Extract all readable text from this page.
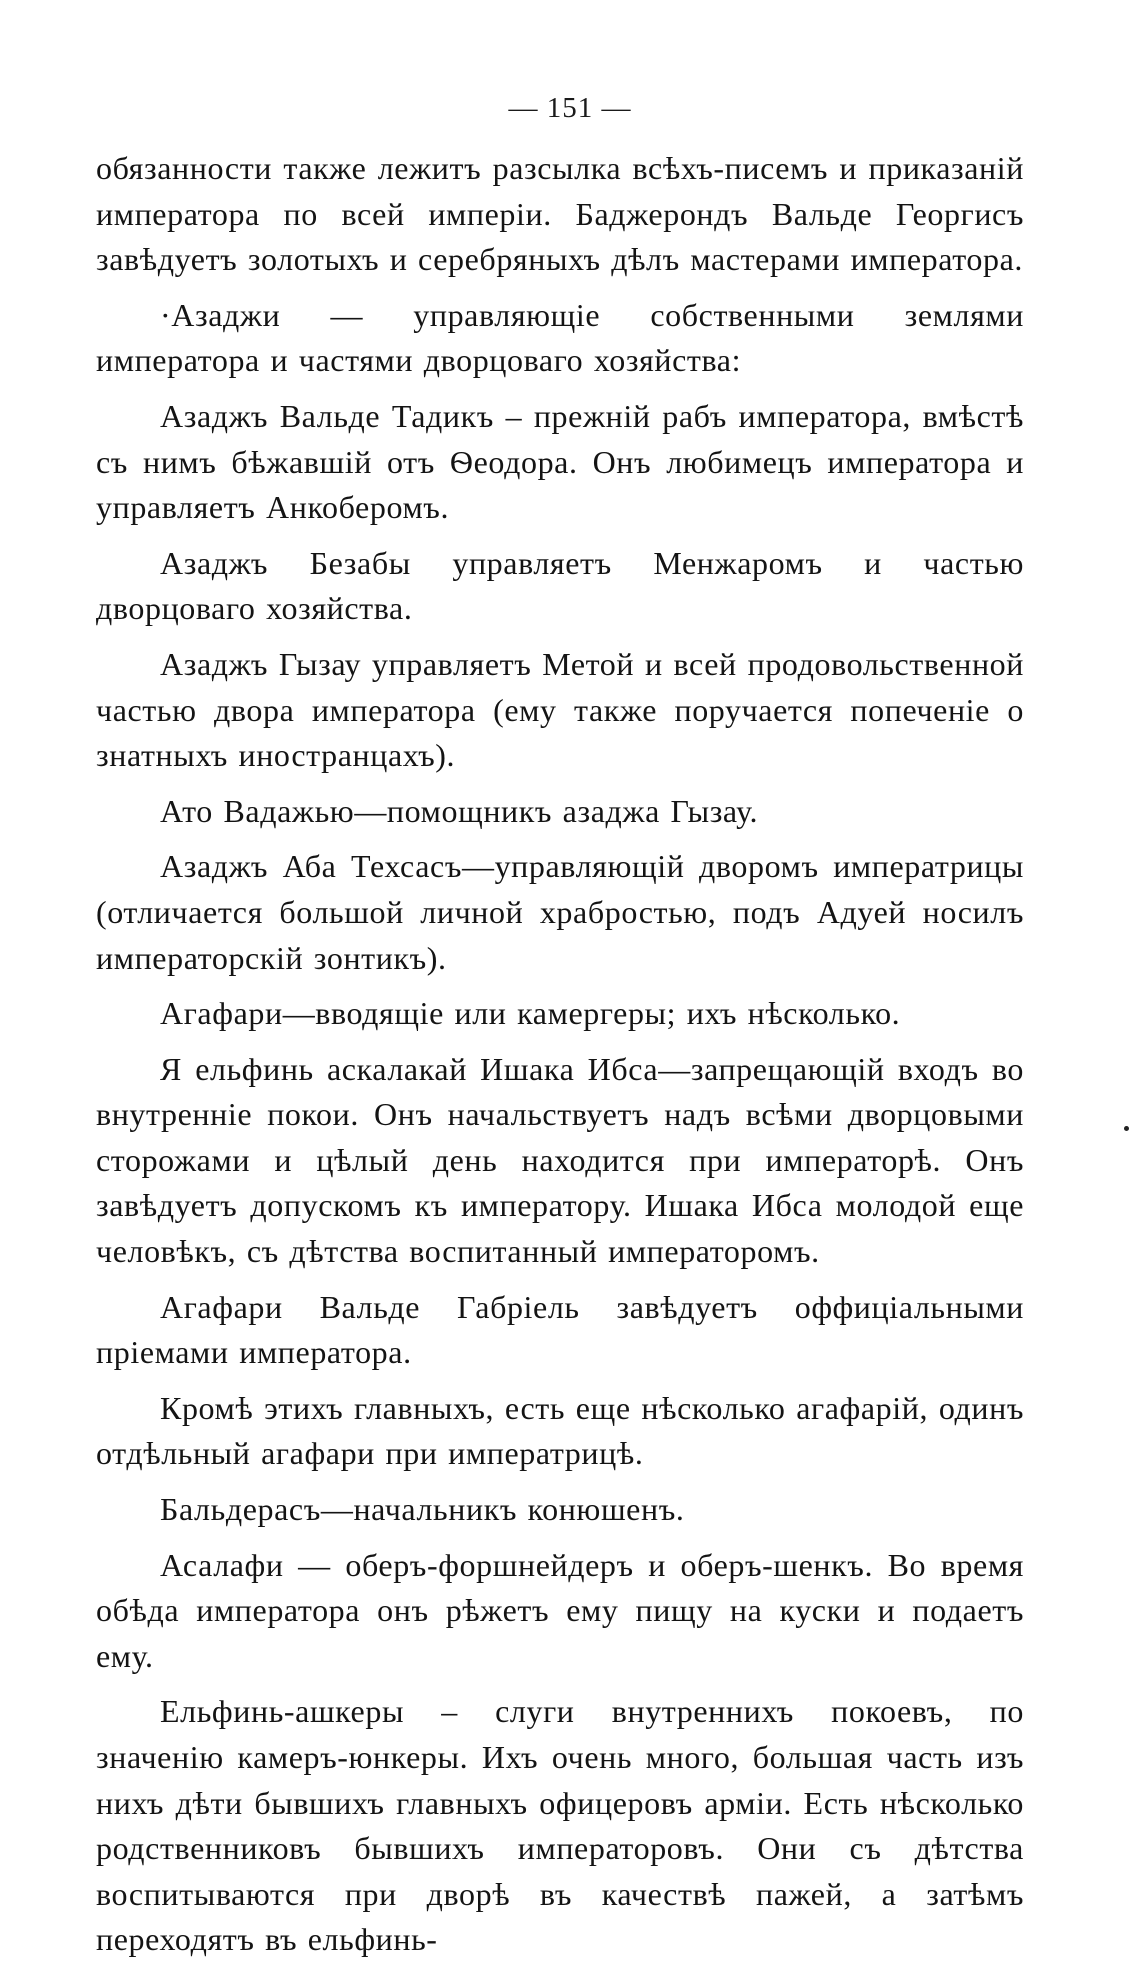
— 151 —

обязанности также лежитъ разсылка всѣхъ-писемъ и приказаній императора по всей имперіи. Баджерондъ Вальде Георгисъ завѣдуетъ золотыхъ и серебряныхъ дѣлъ мастерами императора.

·Азаджи — управляющіе собственными землями императора и частями дворцоваго хозяйства:

Азаджъ Вальде Тадикъ – прежній рабъ императора, вмѣстѣ съ нимъ бѣжавшій отъ Ѳеодора. Онъ любимецъ императора и управляетъ Анкоберомъ.

Азаджъ Безабы управляетъ Менжаромъ и частью дворцоваго хозяйства.

Азаджъ Гызау управляетъ Метой и всей продовольственной частью двора императора (ему также поручается попеченіе о знатныхъ иностранцахъ).

Ато Вадажью—помощникъ азаджа Гызау.

Азаджъ Аба Техсасъ—управляющій дворомъ императрицы (отличается большой личной храбростью, подъ Адуей носилъ императорскій зонтикъ).

Агафари—вводящіе или камергеры; ихъ нѣсколько.

Я ельфинь аскалакай Ишака Ибса—запрещающій входъ во внутренніе покои. Онъ начальствуетъ надъ всѣми дворцовыми сторожами и цѣлый день находится при императорѣ. Онъ завѣдуетъ допускомъ къ императору. Ишака Ибса молодой еще человѣкъ, съ дѣтства воспитанный императоромъ.

Агафари Вальде Габріель завѣдуетъ оффиціальными пріемами императора.

Кромѣ этихъ главныхъ, есть еще нѣсколько агафарій, одинъ отдѣльный агафари при императрицѣ.

Бальдерасъ—начальникъ конюшенъ.

Асалафи — оберъ-форшнейдеръ и оберъ-шенкъ. Во время обѣда императора онъ рѣжетъ ему пищу на куски и подаетъ ему.

Ельфинь-ашкеры – слуги внутреннихъ покоевъ, по значенію камеръ-юнкеры. Ихъ очень много, большая часть изъ нихъ дѣти бывшихъ главныхъ офицеровъ арміи. Есть нѣсколько родственниковъ бывшихъ императоровъ. Они съ дѣтства воспитываются при дворѣ въ качествѣ пажей, а затѣмъ переходятъ въ ельфинь-
